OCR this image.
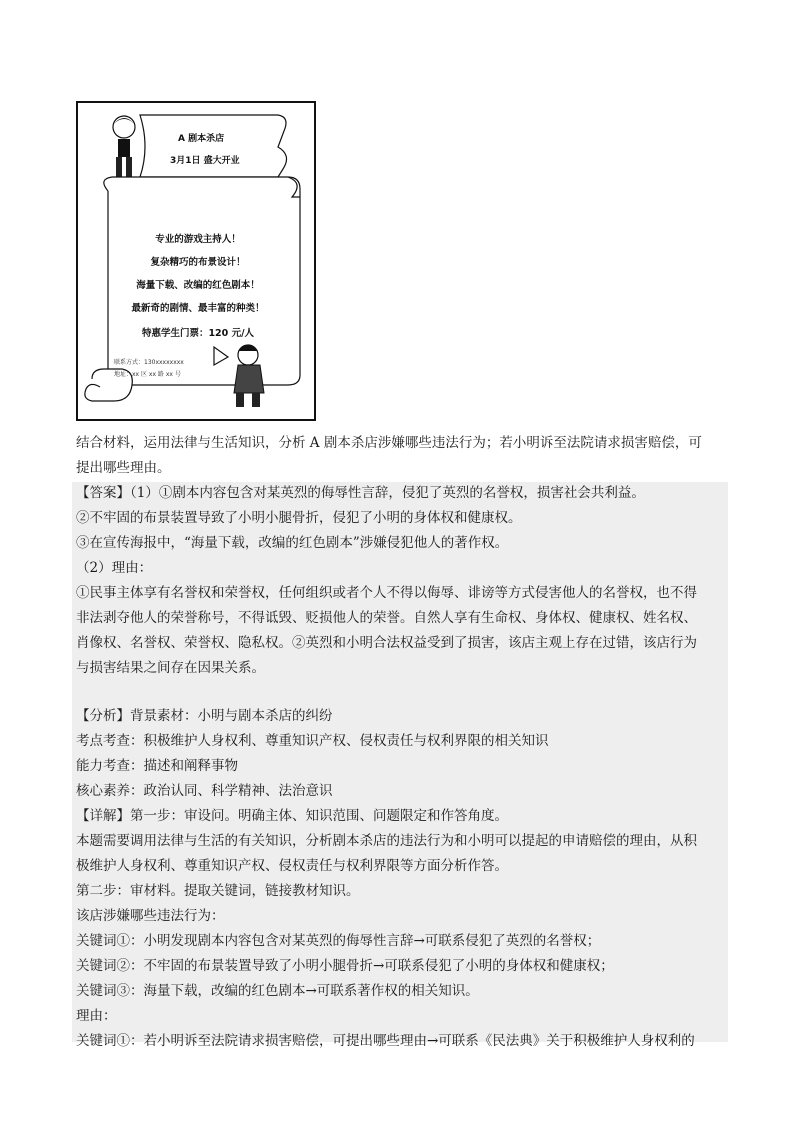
A 剧本杀店
3月1日 盛大开业
专业的游戏主持人！
复杂精巧的布景设计！
海量下载、改编的红色剧本！
最新奇的剧情、最丰富的种类！
特惠学生门票：120 元/人
联系方式：130xxxxxxxx
地址：xx 区 xx 路 xx 号
结合材料，运用法律与生活知识，分析 A 剧本杀店涉嫌哪些违法行为；若小明诉至法院请求损害赔偿，可
提出哪些理由。
【答案】（1）①剧本内容包含对某英烈的侮辱性言辞，侵犯了英烈的名誉权，损害社会共利益。
②不牢固的布景装置导致了小明小腿骨折，侵犯了小明的身体权和健康权。
③在宣传海报中，“海量下载，改编的红色剧本”涉嫌侵犯他人的著作权。
（2）理由：
①民事主体享有名誉权和荣誉权，任何组织或者个人不得以侮辱、诽谤等方式侵害他人的名誉权，也不得
非法剥夺他人的荣誉称号，不得诋毁、贬损他人的荣誉。自然人享有生命权、身体权、健康权、姓名权、
肖像权、名誉权、荣誉权、隐私权。②英烈和小明合法权益受到了损害，该店主观上存在过错，该店行为
与损害结果之间存在因果关系。
【分析】背景素材：小明与剧本杀店的纠纷
考点考查：积极维护人身权利、尊重知识产权、侵权责任与权利界限的相关知识
能力考查：描述和阐释事物
核心素养：政治认同、科学精神、法治意识
【详解】第一步：审设问。明确主体、知识范围、问题限定和作答角度。
本题需要调用法律与生活的有关知识，分析剧本杀店的违法行为和小明可以提起的申请赔偿的理由，从积
极维护人身权利、尊重知识产权、侵权责任与权利界限等方面分析作答。
第二步：审材料。提取关键词，链接教材知识。
该店涉嫌哪些违法行为：
关键词①：小明发现剧本内容包含对某英烈的侮辱性言辞→可联系侵犯了英烈的名誉权；
关键词②：不牢固的布景装置导致了小明小腿骨折→可联系侵犯了小明的身体权和健康权；
关键词③：海量下载，改编的红色剧本→可联系著作权的相关知识。
理由：
关键词①：若小明诉至法院请求损害赔偿，可提出哪些理由→可联系《民法典》关于积极维护人身权利的
